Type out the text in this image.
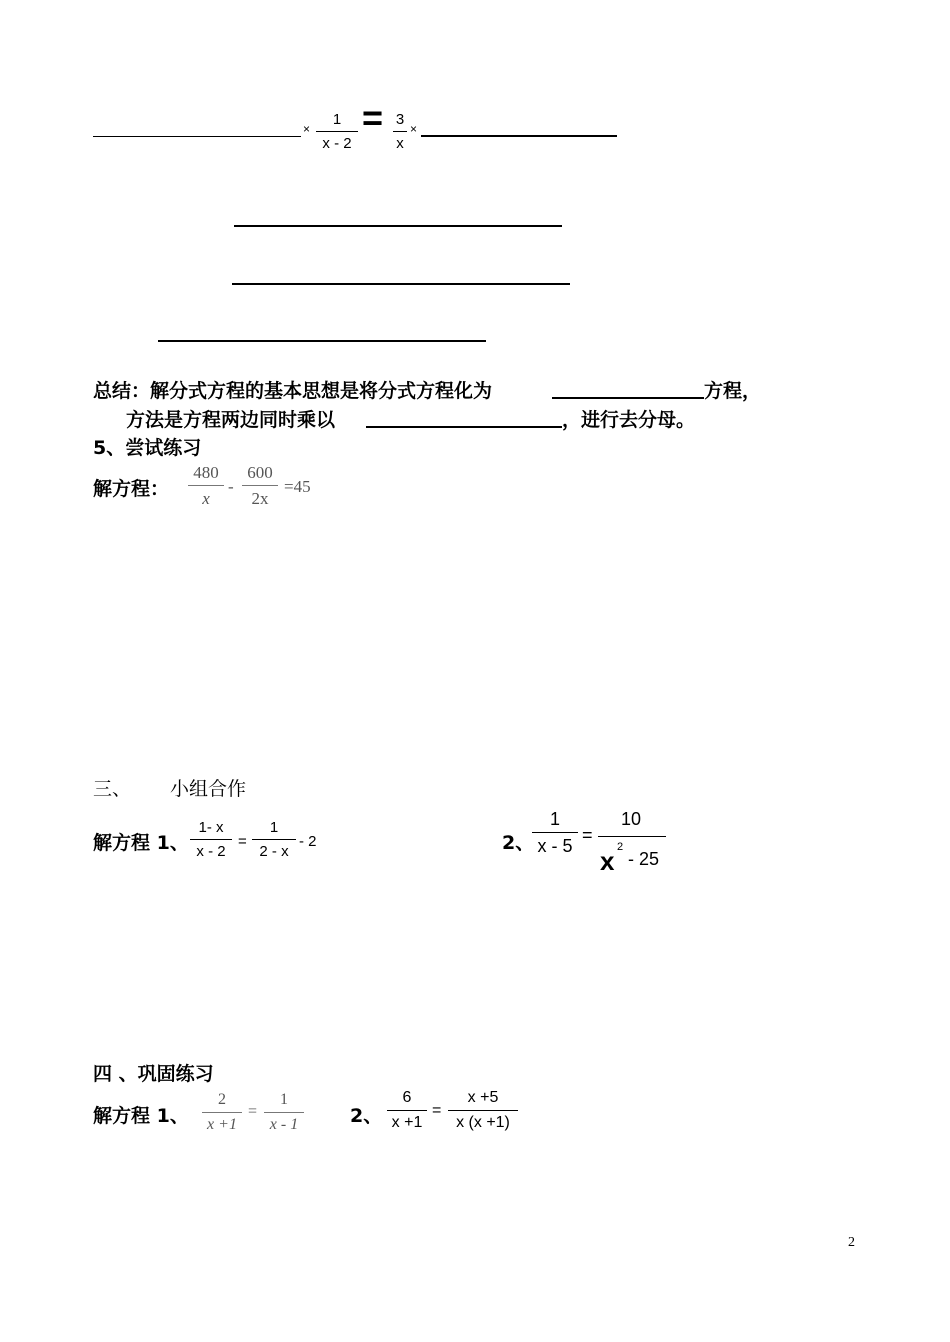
×
1
x - 2
= 3
x
×
总结：解分式方程的基本思想是将分式方程化为	方程，
方法是方程两边同时乘以	，进行去分母。
5、尝试练习
解方程：
480
x
-
600
2x
=45
三、 小组合作
解方程 1、
1- x
x - 2
=
1
2 - x
- 2	2、
1
x - 5
=
10
x 2
- 25
四 、巩固练习
解方程 1、
2
x +1
=
1
x - 1	2、
6
x +1
=
x +5
x (x +1)
2
